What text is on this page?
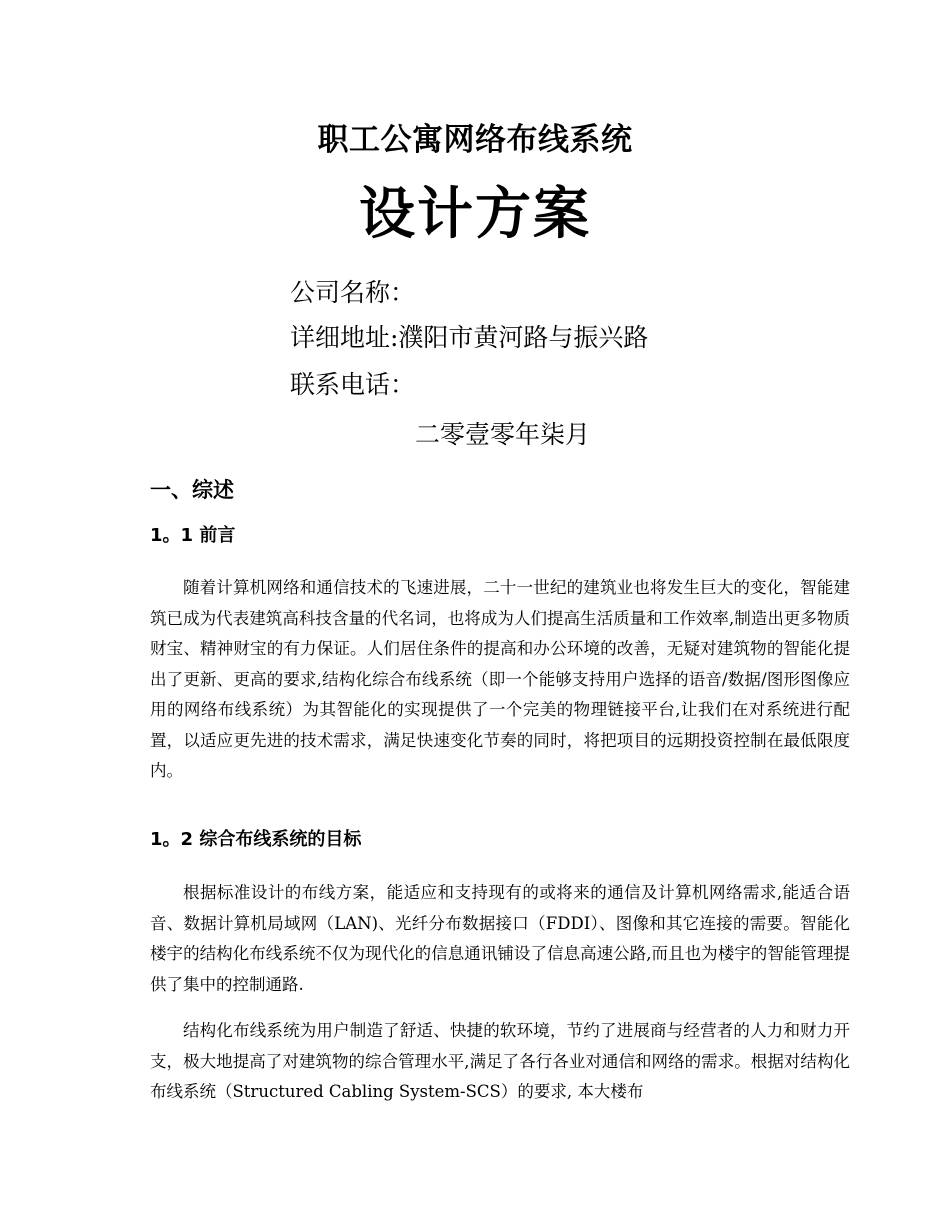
职工公寓网络布线系统
设计方案
公司名称：
详细地址:濮阳市黄河路与振兴路
联系电话：
二零壹零年柒月
一、综述
1。1 前言

随着计算机网络和通信技术的飞速进展，二十一世纪的建筑业也将发生巨大的变化，智能建筑已成为代表建筑高科技含量的代名词，也将成为人们提高生活质量和工作效率,制造出更多物质财宝、精神财宝的有力保证。人们居住条件的提高和办公环境的改善，无疑对建筑物的智能化提出了更新、更高的要求,结构化综合布线系统（即一个能够支持用户选择的语音/数据/图形图像应用的网络布线系统）为其智能化的实现提供了一个完美的物理链接平台,让我们在对系统进行配置，以适应更先进的技术需求，满足快速变化节奏的同时，将把项目的远期投资控制在最低限度内。

1。2 综合布线系统的目标

根据标准设计的布线方案，能适应和支持现有的或将来的通信及计算机网络需求,能适合语音、数据计算机局域网（LAN)、光纤分布数据接口（FDDI）、图像和其它连接的需要。智能化楼宇的结构化布线系统不仅为现代化的信息通讯铺设了信息高速公路,而且也为楼宇的智能管理提供了集中的控制通路.

结构化布线系统为用户制造了舒适、快捷的软环境，节约了进展商与经营者的人力和财力开支，极大地提高了对建筑物的综合管理水平,满足了各行各业对通信和网络的需求。根据对结构化布线系统（Structured Cabling System-SCS）的要求, 本大楼布
